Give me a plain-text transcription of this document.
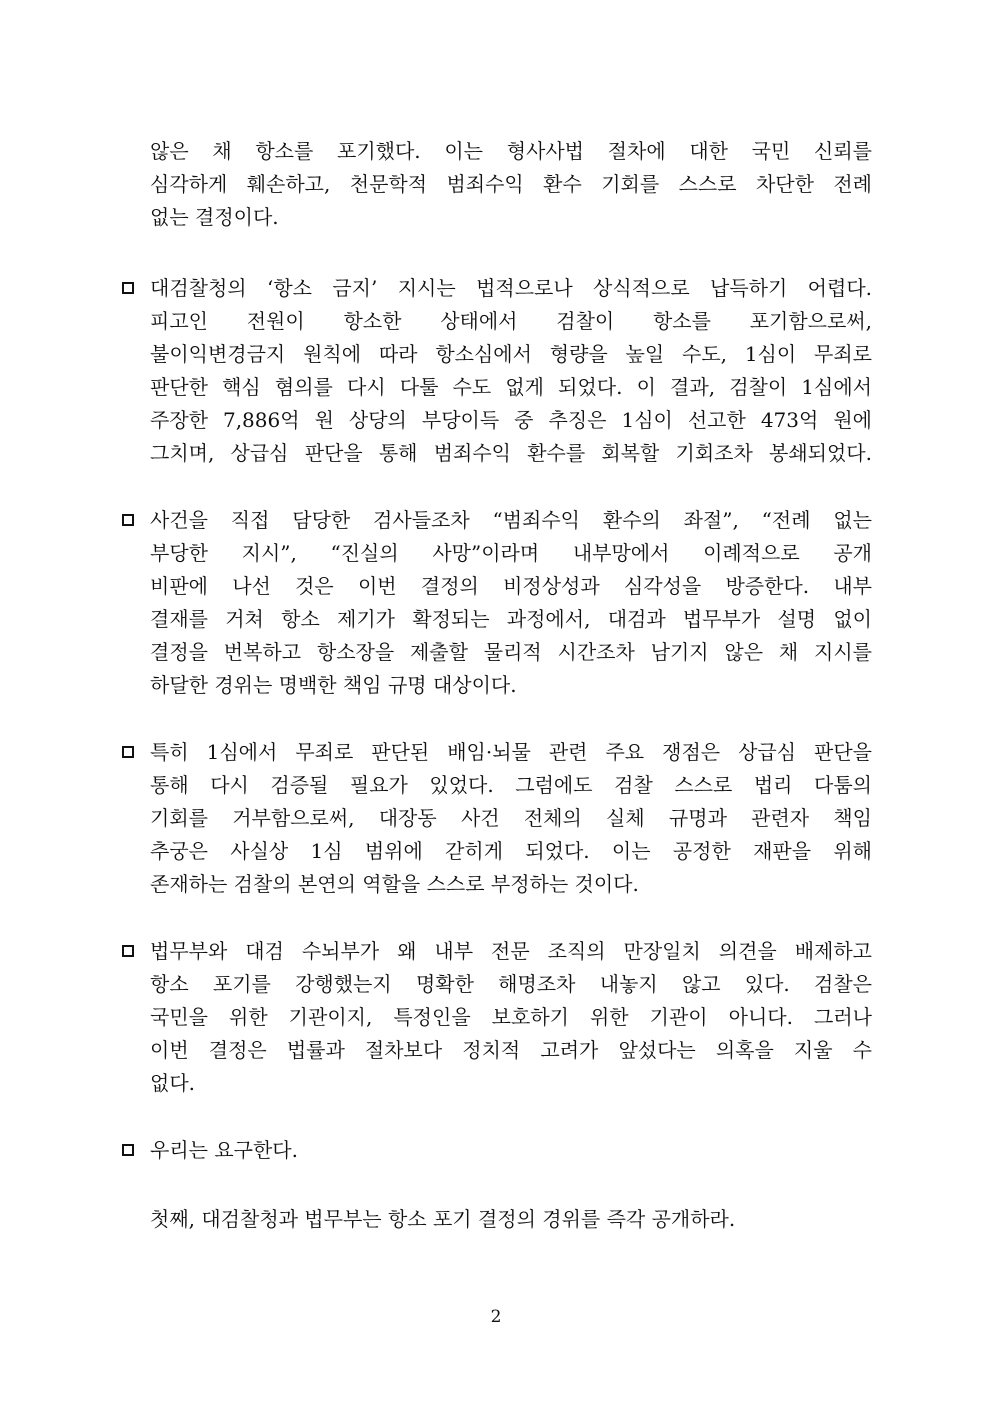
않은 채 항소를 포기했다. 이는 형사사법 절차에 대한 국민 신뢰를
심각하게 훼손하고, 천문학적 범죄수익 환수 기회를 스스로 차단한 전례
없는 결정이다.
대검찰청의 ‘항소 금지’ 지시는 법적으로나 상식적으로 납득하기 어렵다.
피고인 전원이 항소한 상태에서 검찰이 항소를 포기함으로써,
불이익변경금지 원칙에 따라 항소심에서 형량을 높일 수도, 1심이 무죄로
판단한 핵심 혐의를 다시 다툴 수도 없게 되었다. 이 결과, 검찰이 1심에서
주장한 7,886억 원 상당의 부당이득 중 추징은 1심이 선고한 473억 원에
그치며, 상급심 판단을 통해 범죄수익 환수를 회복할 기회조차 봉쇄되었다.
사건을 직접 담당한 검사들조차 “범죄수익 환수의 좌절”, “전례 없는
부당한 지시”, “진실의 사망”이라며 내부망에서 이례적으로 공개
비판에 나선 것은 이번 결정의 비정상성과 심각성을 방증한다. 내부
결재를 거쳐 항소 제기가 확정되는 과정에서, 대검과 법무부가 설명 없이
결정을 번복하고 항소장을 제출할 물리적 시간조차 남기지 않은 채 지시를
하달한 경위는 명백한 책임 규명 대상이다.
특히 1심에서 무죄로 판단된 배임·뇌물 관련 주요 쟁점은 상급심 판단을
통해 다시 검증될 필요가 있었다. 그럼에도 검찰 스스로 법리 다툼의
기회를 거부함으로써, 대장동 사건 전체의 실체 규명과 관련자 책임
추궁은 사실상 1심 범위에 갇히게 되었다. 이는 공정한 재판을 위해
존재하는 검찰의 본연의 역할을 스스로 부정하는 것이다.
법무부와 대검 수뇌부가 왜 내부 전문 조직의 만장일치 의견을 배제하고
항소 포기를 강행했는지 명확한 해명조차 내놓지 않고 있다. 검찰은
국민을 위한 기관이지, 특정인을 보호하기 위한 기관이 아니다. 그러나
이번 결정은 법률과 절차보다 정치적 고려가 앞섰다는 의혹을 지울 수
없다.
우리는 요구한다.
첫째, 대검찰청과 법무부는 항소 포기 결정의 경위를 즉각 공개하라.
2
